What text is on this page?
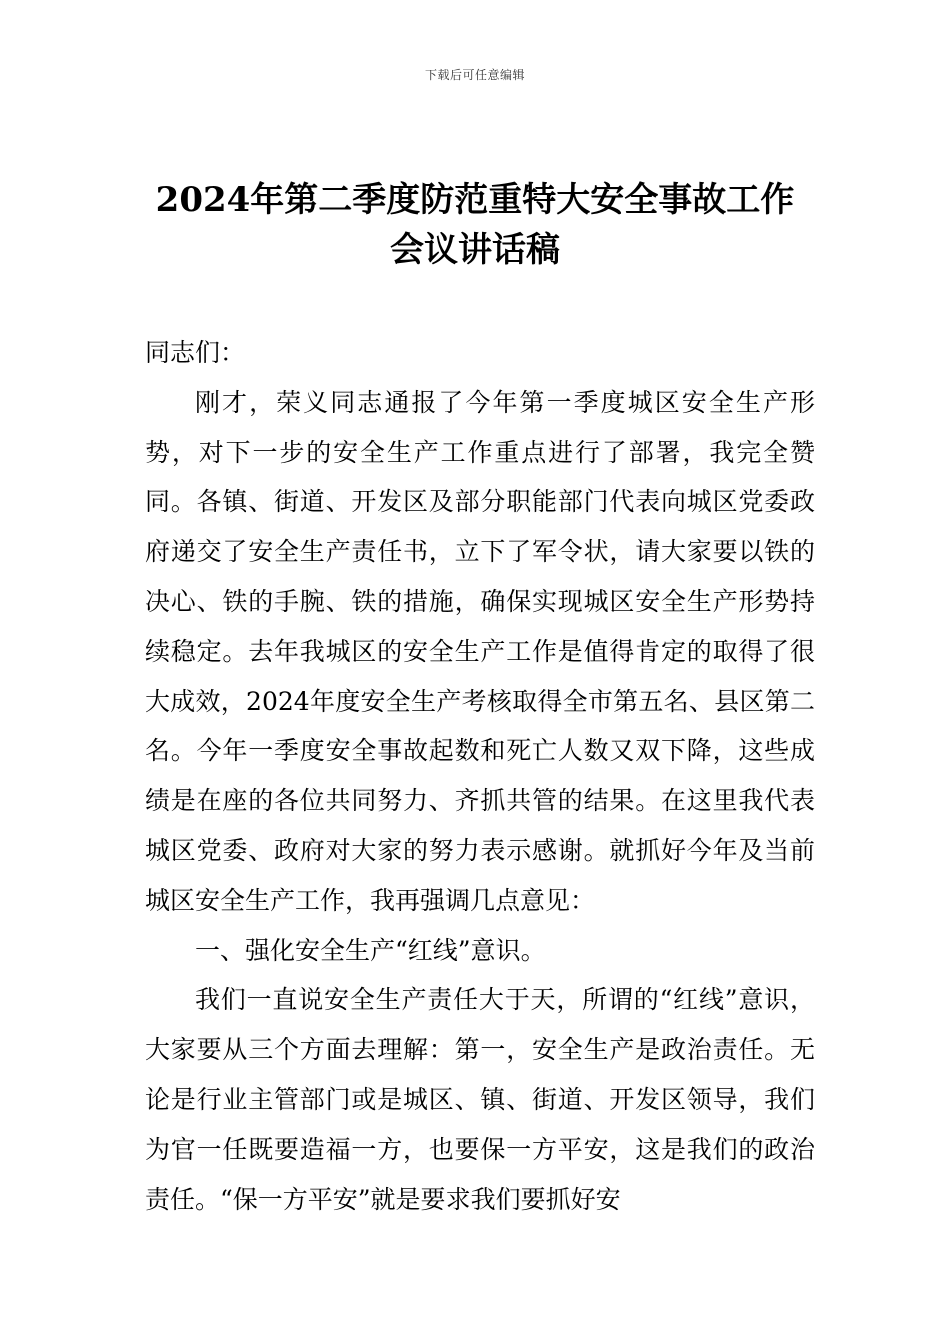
下载后可任意编辑
2024年第二季度防范重特大安全事故工作
会议讲话稿

同志们：

刚才，荣义同志通报了今年第一季度城区安全生产形势，对下一步的安全生产工作重点进行了部署，我完全赞同。各镇、街道、开发区及部分职能部门代表向城区党委政府递交了安全生产责任书，立下了军令状，请大家要以铁的决心、铁的手腕、铁的措施，确保实现城区安全生产形势持续稳定。去年我城区的安全生产工作是值得肯定的取得了很大成效，2024年度安全生产考核取得全市第五名、县区第二名。今年一季度安全事故起数和死亡人数又双下降，这些成绩是在座的各位共同努力、齐抓共管的结果。在这里我代表城区党委、政府对大家的努力表示感谢。就抓好今年及当前城区安全生产工作，我再强调几点意见：

一、强化安全生产“红线”意识。

我们一直说安全生产责任大于天，所谓的“红线”意识，大家要从三个方面去理解：第一，安全生产是政治责任。无论是行业主管部门或是城区、镇、街道、开发区领导，我们为官一任既要造福一方，也要保一方平安，这是我们的政治责任。“保一方平安”就是要求我们要抓好安
